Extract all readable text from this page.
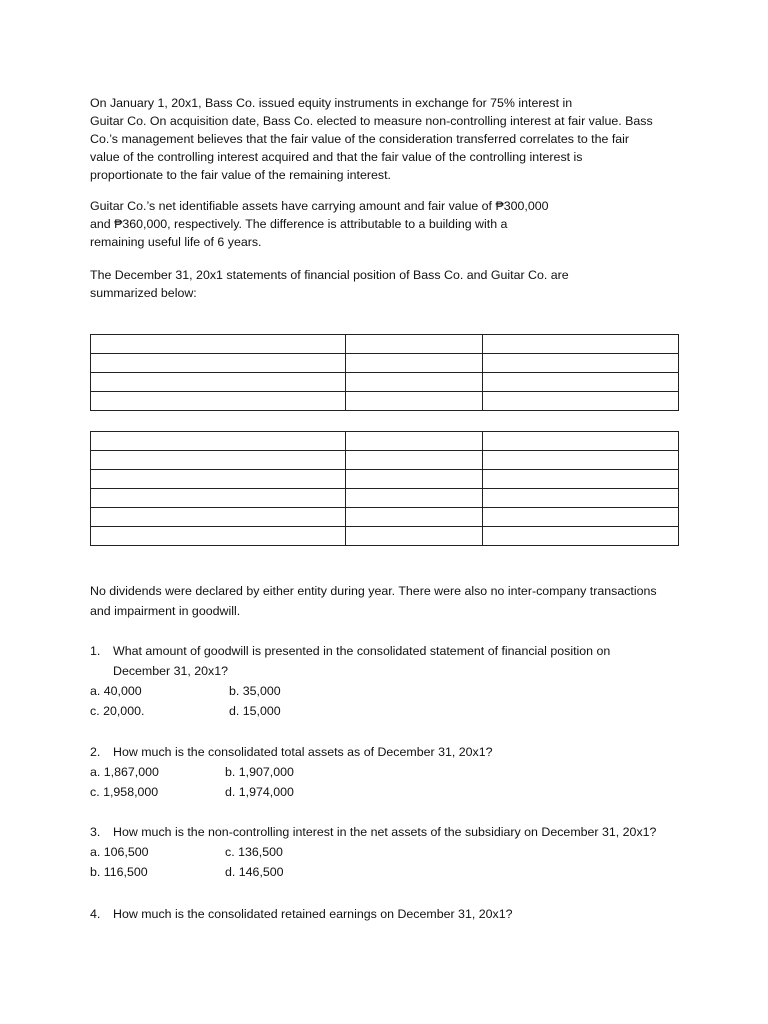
On January 1, 20x1, Bass Co. issued equity instruments in exchange for 75% interest in
Guitar Co. On acquisition date, Bass Co. elected to measure non-controlling interest at fair value. Bass
Co.’s management believes that the fair value of the consideration transferred correlates to the fair
value of the controlling interest acquired and that the fair value of the controlling interest is
proportionate to the fair value of the remaining interest.

Guitar Co.’s net identifiable assets have carrying amount and fair value of ₱300,000
and ₱360,000, respectively. The difference is attributable to a building with a
remaining useful life of 6 years.

The December 31, 20x1 statements of financial position of Bass Co. and Guitar Co. are
summarized below:

No dividends were declared by either entity during year. There were also no inter-company transactions
and impairment in goodwill.

1. What amount of goodwill is presented in the consolidated statement of financial position on
December 31, 20x1?
a. 40,000	b. 35,000
c. 20,000.	d. 15,000
2. How much is the consolidated total assets as of December 31, 20x1?
a. 1,867,000	b. 1,907,000
c. 1,958,000	d. 1,974,000
3. How much is the non-controlling interest in the net assets of the subsidiary on December 31, 20x1?
a. 106,500	c. 136,500
b. 116,500	d. 146,500
4. How much is the consolidated retained earnings on December 31, 20x1?
